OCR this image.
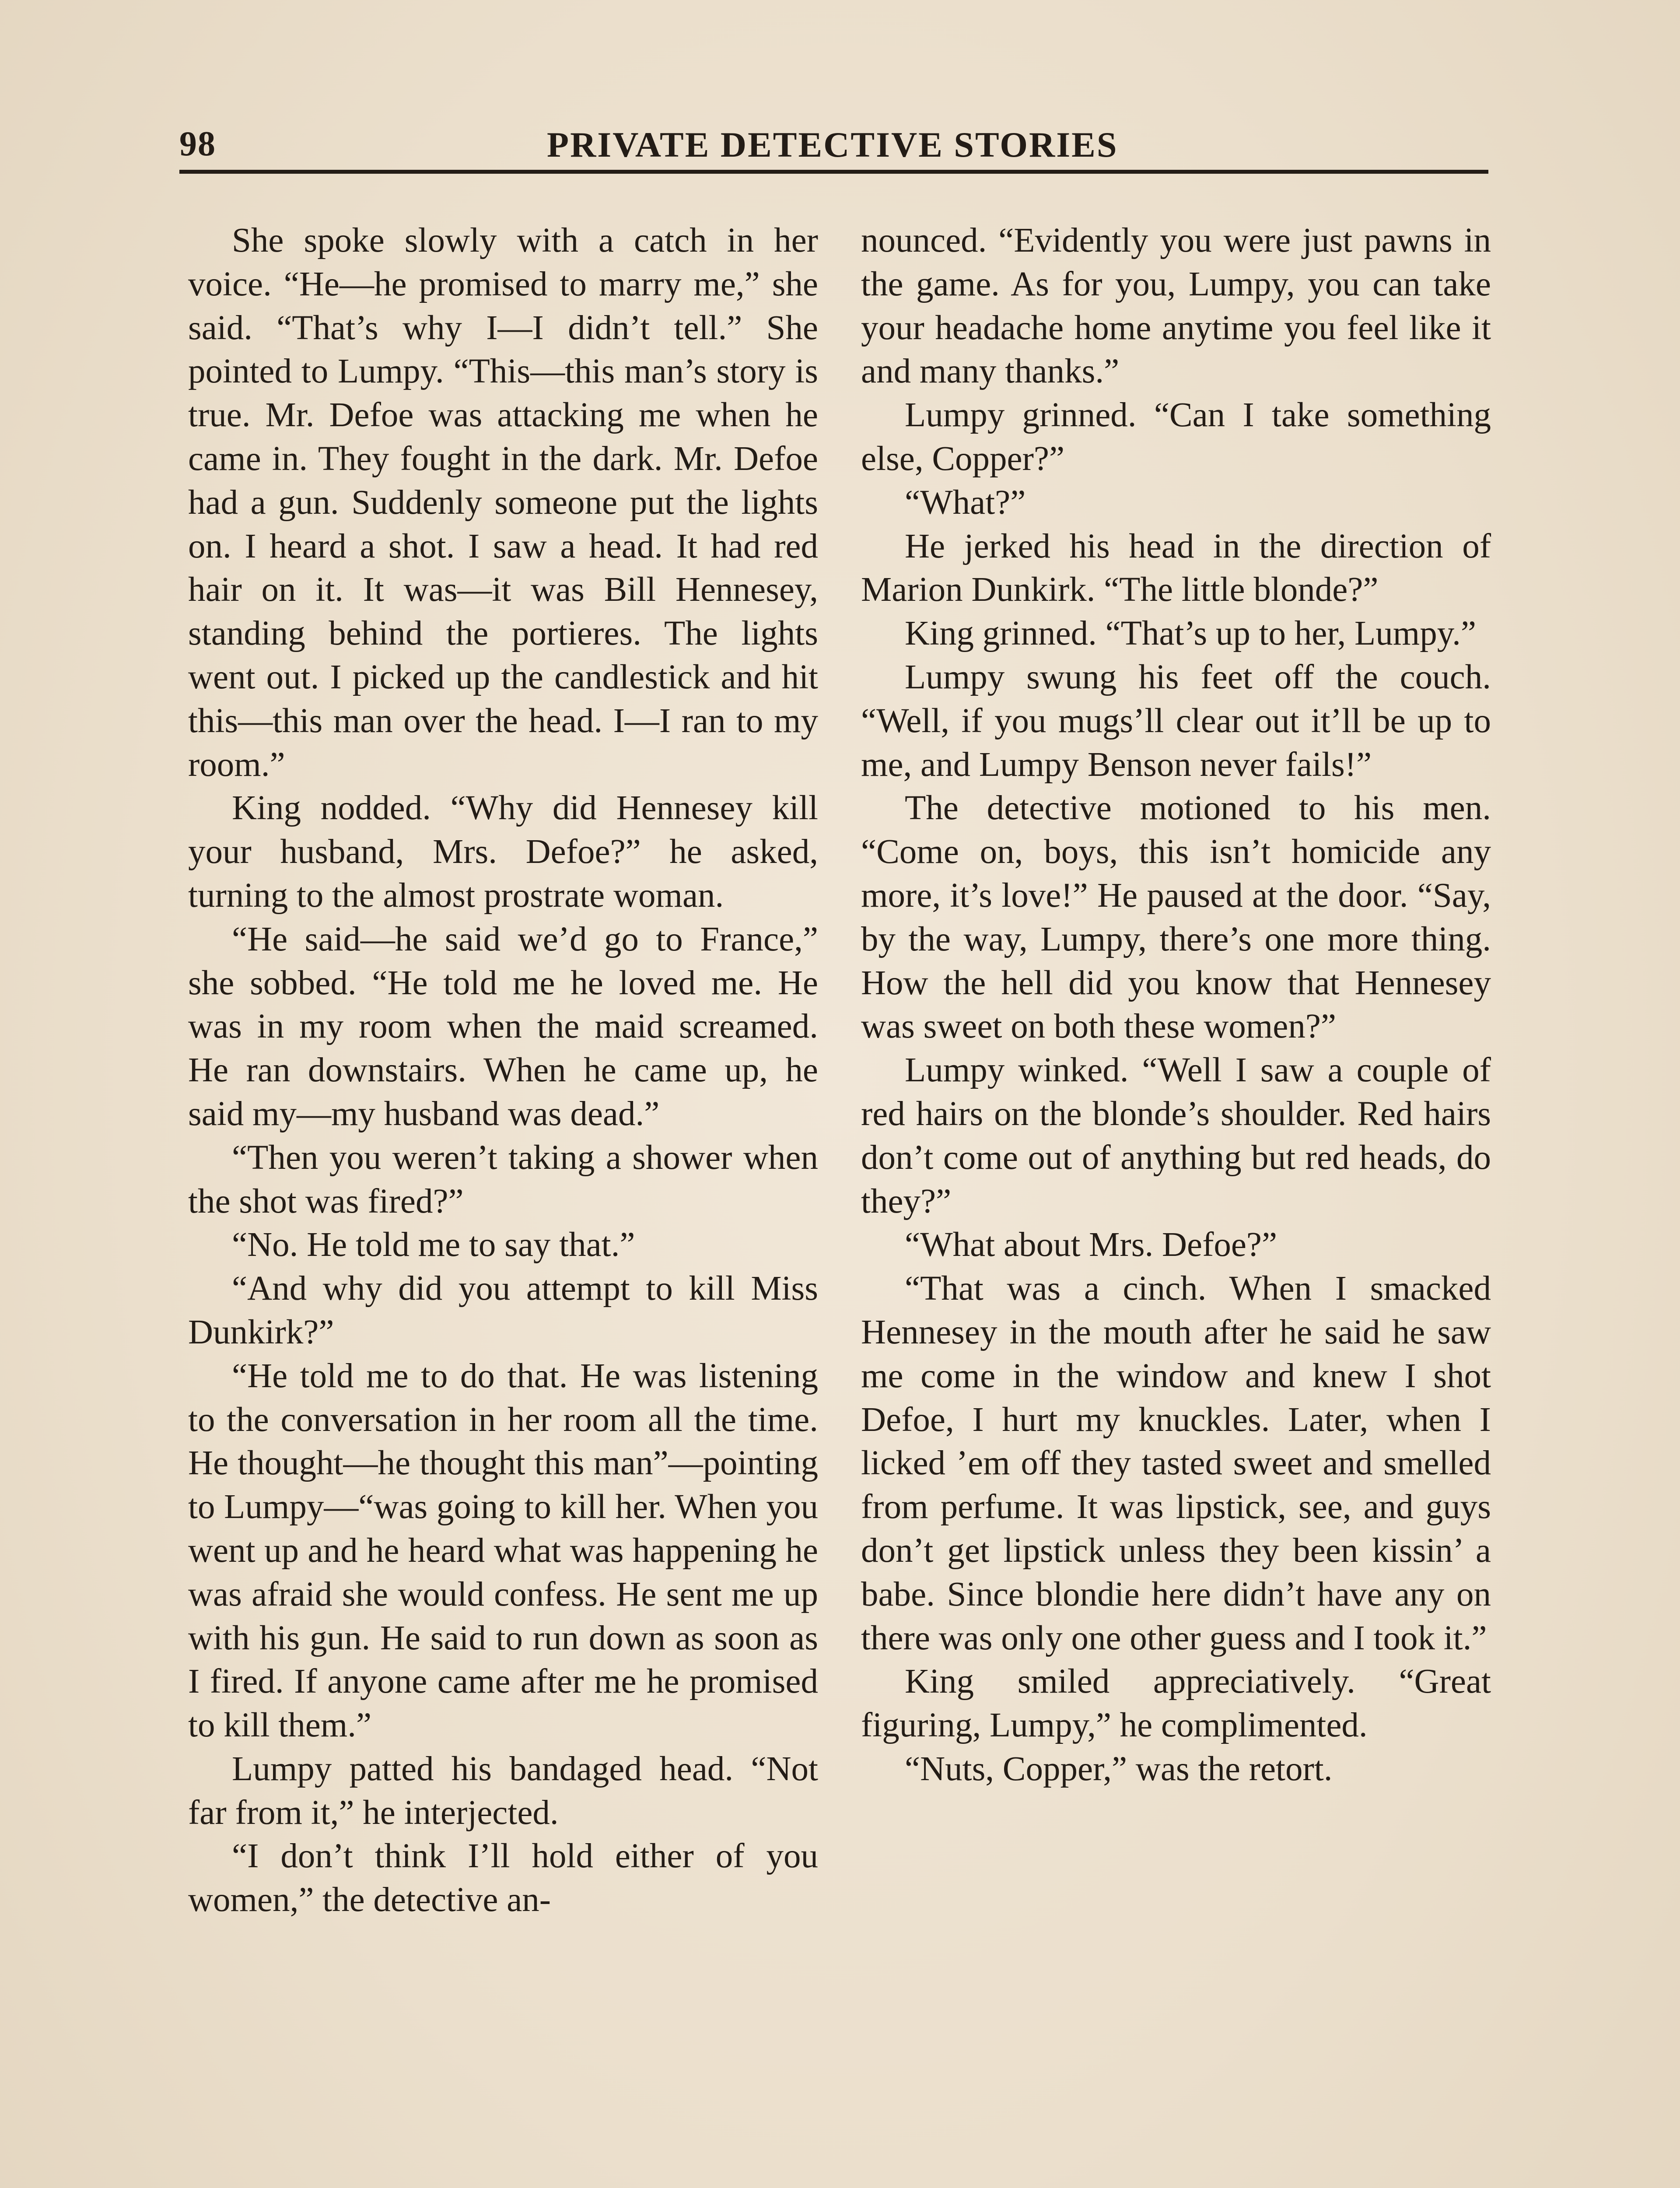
98	PRIVATE DETECTIVE STORIES

She spoke slowly with a catch in her voice. “He—he promised to marry me,” she said. “That’s why I—I didn’t tell.” She pointed to Lumpy. “This—this man’s story is true. Mr. Defoe was attacking me when he came in. They fought in the dark. Mr. Defoe had a gun. Suddenly someone put the lights on. I heard a shot. I saw a head. It had red hair on it. It was—it was Bill Hennesey, standing behind the portieres. The lights went out. I picked up the candlestick and hit this—this man over the head. I—I ran to my room.”

King nodded. “Why did Hennesey kill your husband, Mrs. Defoe?” he asked, turning to the almost prostrate woman.

“He said—he said we’d go to France,” she sobbed. “He told me he loved me. He was in my room when the maid screamed. He ran downstairs. When he came up, he said my—my husband was dead.”

“Then you weren’t taking a shower when the shot was fired?”

“No. He told me to say that.”

“And why did you attempt to kill Miss Dunkirk?”

“He told me to do that. He was listening to the conversation in her room all the time. He thought—he thought this man”—pointing to Lumpy—“was going to kill her. When you went up and he heard what was happening he was afraid she would confess. He sent me up with his gun. He said to run down as soon as I fired. If anyone came after me he promised to kill them.”

Lumpy patted his bandaged head. “Not far from it,” he interjected.

“I don’t think I’ll hold either of you women,” the detective an-

nounced. “Evidently you were just pawns in the game. As for you, Lumpy, you can take your headache home anytime you feel like it and many thanks.”

Lumpy grinned. “Can I take something else, Copper?”

“What?”

He jerked his head in the direction of Marion Dunkirk. “The little blonde?”

King grinned. “That’s up to her, Lumpy.”

Lumpy swung his feet off the couch. “Well, if you mugs’ll clear out it’ll be up to me, and Lumpy Benson never fails!”

The detective motioned to his men. “Come on, boys, this isn’t homicide any more, it’s love!” He paused at the door. “Say, by the way, Lumpy, there’s one more thing. How the hell did you know that Hennesey was sweet on both these women?”

Lumpy winked. “Well I saw a couple of red hairs on the blonde’s shoulder. Red hairs don’t come out of anything but red heads, do they?”

“What about Mrs. Defoe?”

“That was a cinch. When I smacked Hennesey in the mouth after he said he saw me come in the window and knew I shot Defoe, I hurt my knuckles. Later, when I licked ’em off they tasted sweet and smelled from perfume. It was lipstick, see, and guys don’t get lipstick unless they been kissin’ a babe. Since blondie here didn’t have any on there was only one other guess and I took it.”

King smiled appreciatively. “Great figuring, Lumpy,” he complimented.

“Nuts, Copper,” was the retort.
